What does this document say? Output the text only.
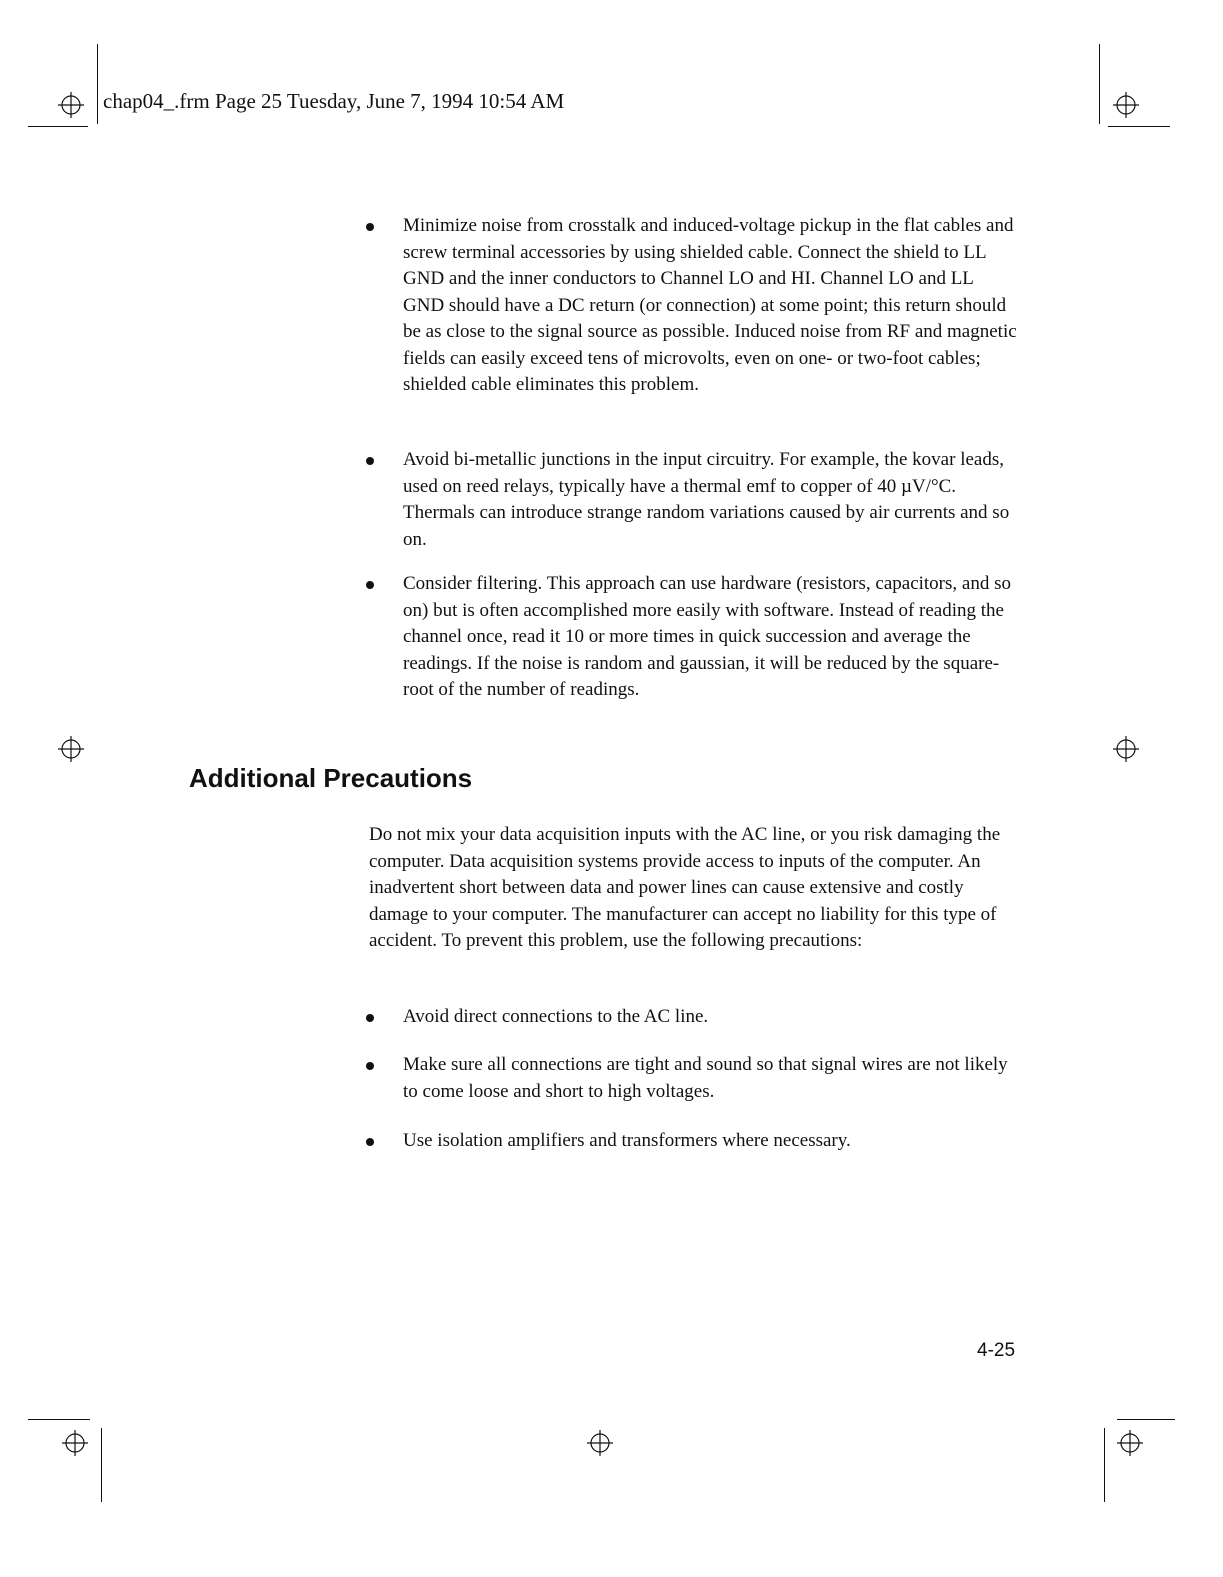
chap04_.frm Page 25 Tuesday, June 7, 1994 10:54 AM

Minimize noise from crosstalk and induced-voltage pickup in the flat cables and screw terminal accessories by using shielded cable. Connect the shield to LL GND and the inner conductors to Channel LO and HI. Channel LO and LL GND should have a DC return (or connection) at some point; this return should be as close to the signal source as possible. Induced noise from RF and magnetic fields can easily exceed tens of microvolts, even on one- or two-foot cables; shielded cable eliminates this problem.

Avoid bi-metallic junctions in the input circuitry. For example, the kovar leads, used on reed relays, typically have a thermal emf to copper of 40 µV/°C. Thermals can introduce strange random variations caused by air currents and so on.

Consider filtering. This approach can use hardware (resistors, capacitors, and so on) but is often accomplished more easily with software. Instead of reading the channel once, read it 10 or more times in quick succession and average the readings. If the noise is random and gaussian, it will be reduced by the square-root of the number of readings.

Additional Precautions

Do not mix your data acquisition inputs with the AC line, or you risk damaging the computer. Data acquisition systems provide access to inputs of the computer. An inadvertent short between data and power lines can cause extensive and costly damage to your computer. The manufacturer can accept no liability for this type of accident. To prevent this problem, use the following precautions:

Avoid direct connections to the AC line.

Make sure all connections are tight and sound so that signal wires are not likely to come loose and short to high voltages.

Use isolation amplifiers and transformers where necessary.

4-25
